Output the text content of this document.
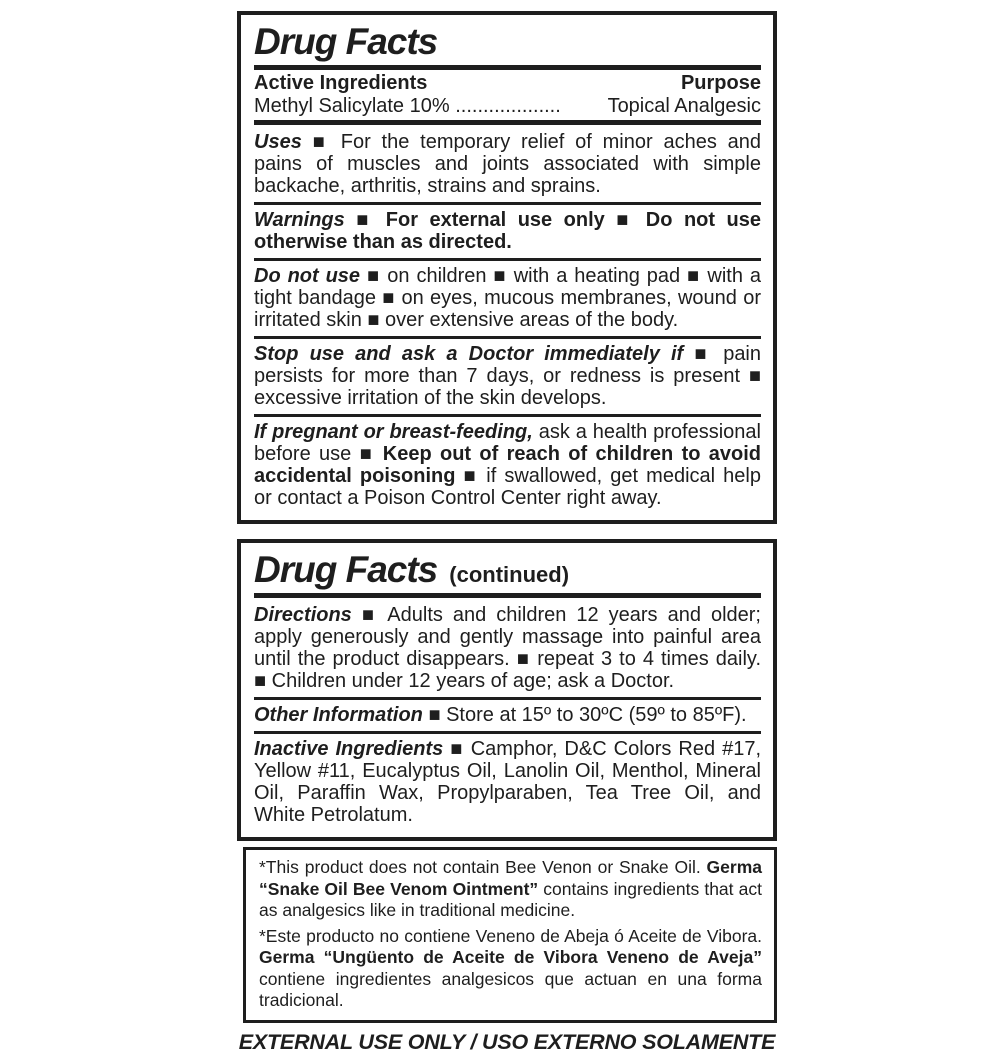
Drug Facts
Active Ingredients	Purpose
Methyl Salicylate 10% ................... Topical Analgesic

Uses ■ For the temporary relief of minor aches and pains of muscles and joints associated with simple backache, arthritis, strains and sprains.

Warnings ■ For external use only ■ Do not use otherwise than as directed.

Do not use ■ on children ■ with a heating pad ■ with a tight bandage ■ on eyes, mucous membranes, wound or irritated skin ■ over extensive areas of the body.

Stop use and ask a Doctor immediately if ■ pain persists for more than 7 days, or redness is present ■ excessive irritation of the skin develops.

If pregnant or breast-feeding, ask a health professional before use ■ Keep out of reach of children to avoid accidental poisoning ■ if swallowed, get medical help or contact a Poison Control Center right away.

Drug Facts (continued)

Directions ■ Adults and children 12 years and older; apply generously and gently massage into painful area until the product disappears. ■ repeat 3 to 4 times daily. ■ Children under 12 years of age; ask a Doctor.

Other Information ■ Store at 15º to 30ºC (59º to 85ºF).

Inactive Ingredients ■ Camphor, D&C Colors Red #17, Yellow #11, Eucalyptus Oil, Lanolin Oil, Menthol, Mineral Oil, Paraffin Wax, Propylparaben, Tea Tree Oil, and White Petrolatum.

*This product does not contain Bee Venon or Snake Oil. Germa “Snake Oil Bee Venom Ointment” contains ingredients that act as analgesics like in traditional medicine.

*Este producto no contiene Veneno de Abeja ó Aceite de Vibora. Germa “Ungüento de Aceite de Vibora Veneno de Aveja” contiene ingredientes analgesicos que actuan en una forma tradicional.

EXTERNAL USE ONLY / USO EXTERNO SOLAMENTE
